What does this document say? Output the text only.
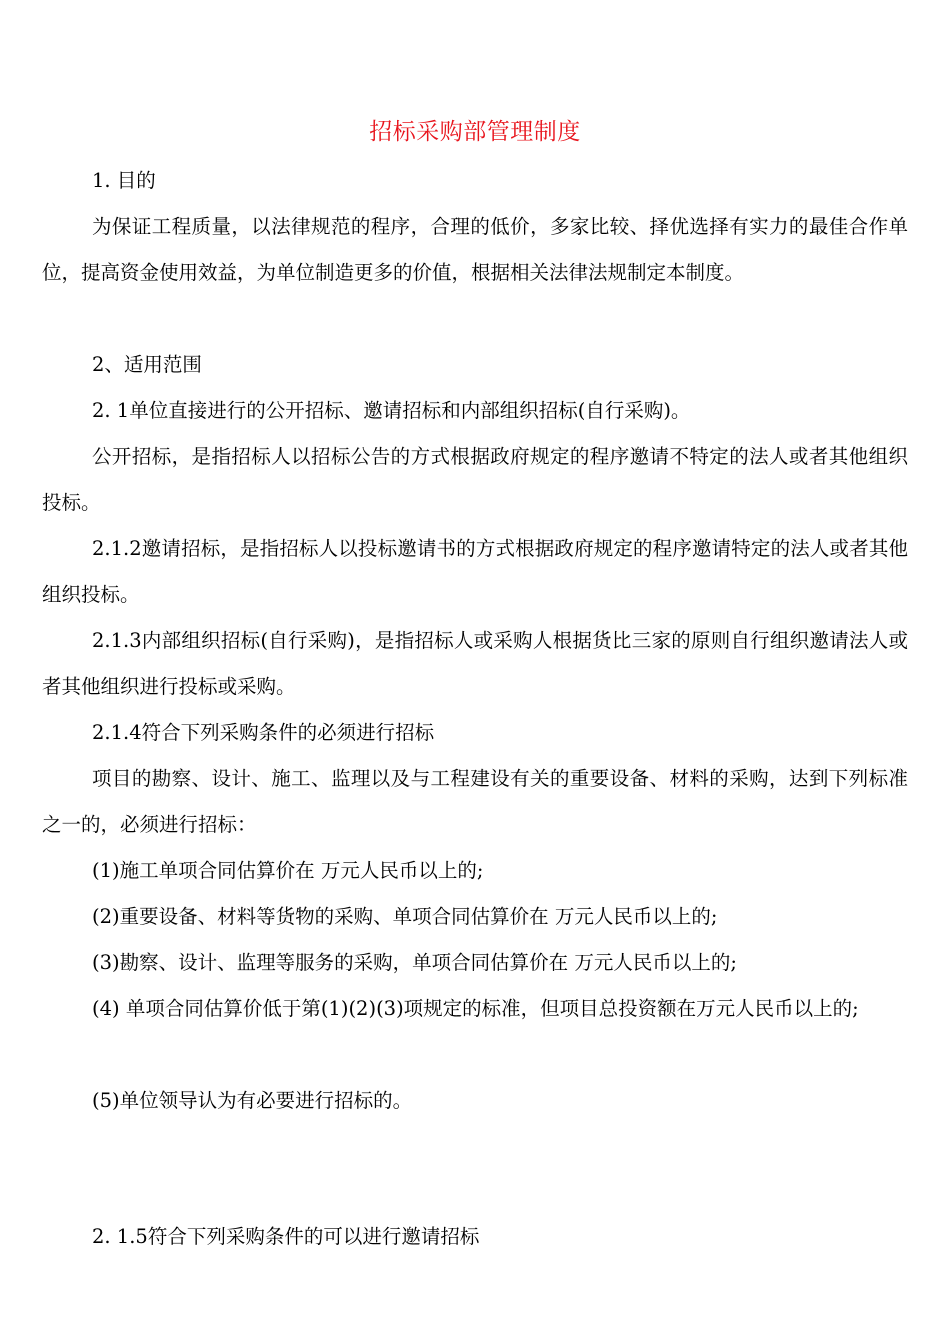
招标采购部管理制度
1. 目的
为保证工程质量，以法律规范的程序，合理的低价，多家比较、择优选择有实力的最佳合作单位，提高资金使用效益，为单位制造更多的价值，根据相关法律法规制定本制度。
2、适用范围
2. 1单位直接进行的公开招标、邀请招标和内部组织招标(自行采购)。
公开招标，是指招标人以招标公告的方式根据政府规定的程序邀请不特定的法人或者其他组织投标。
2.1.2邀请招标，是指招标人以投标邀请书的方式根据政府规定的程序邀请特定的法人或者其他组织投标。
2.1.3内部组织招标(自行采购)，是指招标人或采购人根据货比三家的原则自行组织邀请法人或者其他组织进行投标或采购。
2.1.4符合下列采购条件的必须进行招标
项目的勘察、设计、施工、监理以及与工程建设有关的重要设备、材料的采购，达到下列标准之一的，必须进行招标：
(1)施工单项合同估算价在 万元人民币以上的;
(2)重要设备、材料等货物的采购、单项合同估算价在 万元人民币以上的;
(3)勘察、设计、监理等服务的采购，单项合同估算价在 万元人民币以上的;
(4) 单项合同估算价低于第(1)(2)(3)项规定的标准，但项目总投资额在万元人民币以上的;
(5)单位领导认为有必要进行招标的。
2. 1.5符合下列采购条件的可以进行邀请招标
